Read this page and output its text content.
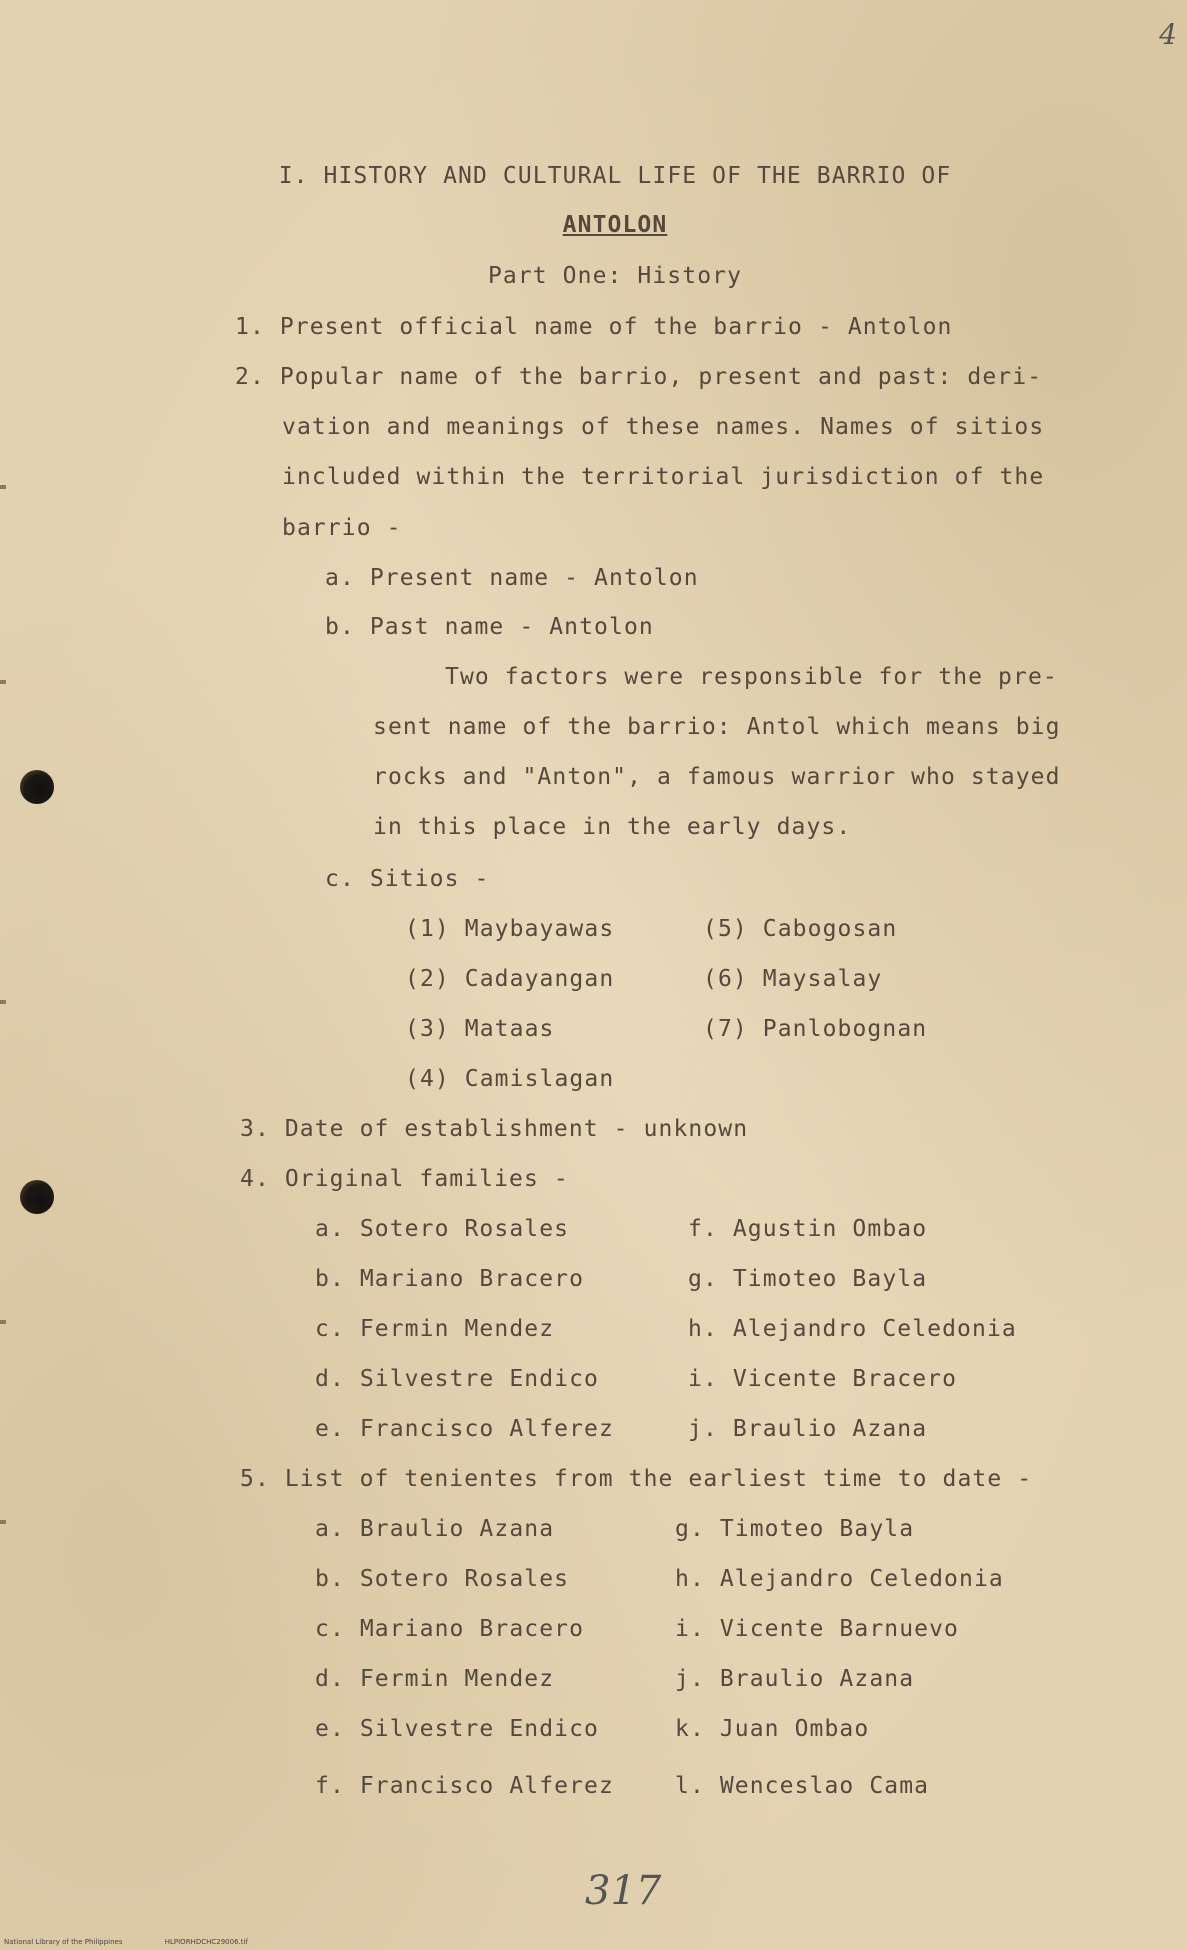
4
I. HISTORY AND CULTURAL LIFE OF THE BARRIO OF
ANTOLON
Part One: History
1. Present official name of the barrio - Antolon
2. Popular name of the barrio, present and past: deri-
vation and meanings of these names. Names of sitios
included within the territorial jurisdiction of the
barrio -
a. Present name - Antolon
b. Past name - Antolon
Two factors were responsible for the pre-
sent name of the barrio: Antol which means big
rocks and "Anton", a famous warrior who stayed
in this place in the early days.
c. Sitios -
(1) Maybayawas
(2) Cadayangan
(3) Mataas
(4) Camislagan
(5) Cabogosan
(6) Maysalay
(7) Panlobognan
3. Date of establishment - unknown
4. Original families -
a. Sotero Rosales
b. Mariano Bracero
c. Fermin Mendez
d. Silvestre Endico
e. Francisco Alferez
f. Agustin Ombao
g. Timoteo Bayla
h. Alejandro Celedonia
i. Vicente Bracero
j. Braulio Azana
5. List of tenientes from the earliest time to date -
a. Braulio Azana
b. Sotero Rosales
c. Mariano Bracero
d. Fermin Mendez
e. Silvestre Endico
f. Francisco Alferez
g. Timoteo Bayla
h. Alejandro Celedonia
i. Vicente Barnuevo
j. Braulio Azana
k. Juan Ombao
l. Wenceslao Cama
317
National Library of the Philippines	HLPIORHDCHC29006.tif
